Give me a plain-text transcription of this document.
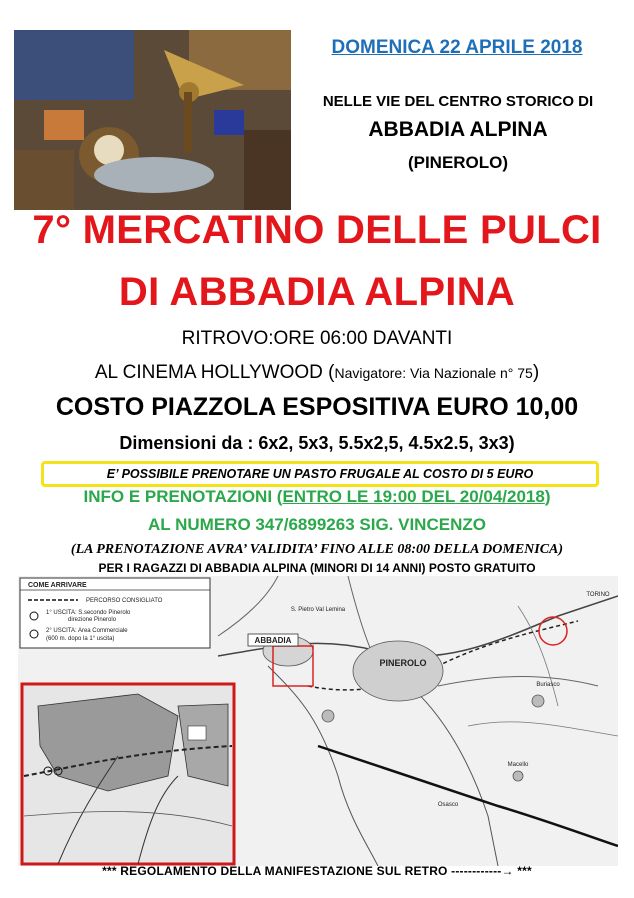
DOMENICA 22 APRILE 2018
NELLE VIE DEL CENTRO STORICO DI
ABBADIA ALPINA
(PINEROLO)
7° MERCATINO DELLE PULCI
DI ABBADIA ALPINA
RITROVO:ORE 06:00 DAVANTI
AL CINEMA HOLLYWOOD (Navigatore: Via Nazionale n° 75)
COSTO PIAZZOLA ESPOSITIVA EURO 10,00
Dimensioni da : 6x2, 5x3, 5.5x2,5, 4.5x2.5, 3x3)
E’ POSSIBILE PRENOTARE UN PASTO FRUGALE AL COSTO DI 5 EURO
INFO E PRENOTAZIONI (ENTRO LE 19:00 DEL 20/04/2018)
AL NUMERO 347/6899263 SIG. VINCENZO
(LA PRENOTAZIONE AVRA’ VALIDITA’ FINO ALLE 08:00 DELLA DOMENICA)
PER I RAGAZZI DI ABBADIA ALPINA (MINORI DI 14 ANNI) POSTO GRATUITO
ABBADIA
PINEROLO
S. Pietro Val Lemina
Buriasco
Macello
TORINO
Osasco
COME ARRIVARE
PERCORSO CONSIGLIATO
1° USCITA: S.secondo Pinerolo
direzione Pinerolo
2° USCITA: Area Commerciale
(600 m. dopo la 1° uscita)
*** REGOLAMENTO DELLA MANIFESTAZIONE SUL RETRO ------------→ ***
